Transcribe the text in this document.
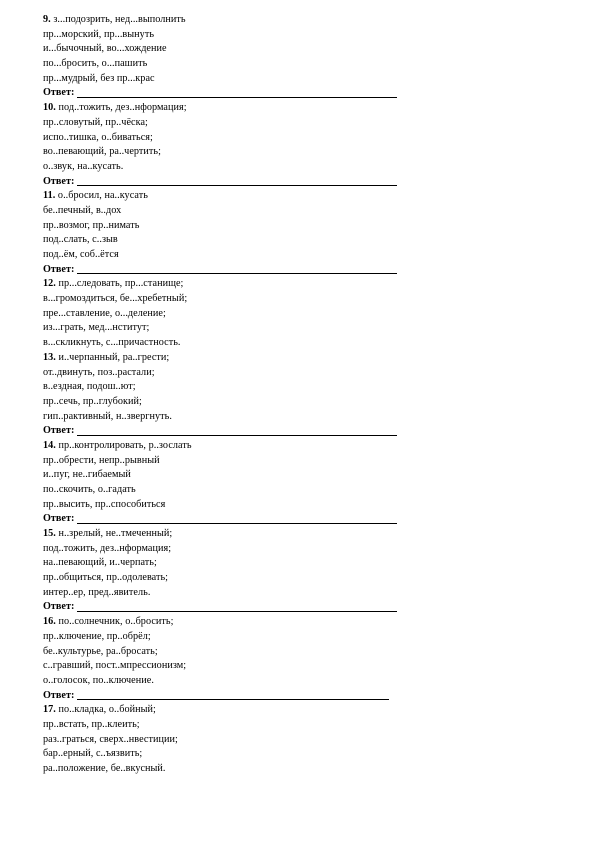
9. з...подозрить, нед...выполнить
пр...морский, пр...вынуть
и...бычочный, во...хождение
по...бросить, о...пашить
пр...мудрый, без пр...крас
Ответ:
10. под..тожить, дез..нформация;
пр..словутый, пр..чёска;
испо..тишка, о..биваться;
во..певающий, ра..чертить;
о..звук, на..кусать.
Ответ:
11. о..бросил, на..кусать
бе..печный, в..дох
пр..возмог, пр..нимать
под..слать, с..зыв
под..ём, соб..ётся
Ответ:
12. пр...следовать, пр...станище;
в...громоздиться, бе...хребетный;
пре...ставление, о...деление;
из...грать, мед...нститут;
в...скликнуть, с...причастность.
13. и..черпанный, ра..грести;
от..двинуть, поз..растали;
в..ездная, подош..ют;
пр..сечь, пр..глубокий;
гип..рактивный, н..звергнуть.
Ответ:
14. пр..контролировать, р..зослать
пр..обрести, непр..рывный
и..пуг, не..гибаемый
по..скочить, о..гадать
пр..высить, пр..способиться
Ответ:
15. н..зрелый, не..тмеченный;
под..тожить, дез..нформация;
на..певающий, и..черпать;
пр..общиться, пр..одолевать;
интер..ер, пред..явитель.
Ответ:
16. по..солнечник, о..бросить;
пр..ключение, пр..обрёл;
бе..культурье, ра..бросать;
с..гравший, пост..мпрессионизм;
о..голосок, по..ключение.
Ответ:
17. по..кладка, о..бойный;
пр..встать, пр..клеить;
раз..граться, сверх..нвестиции;
бар..ерный, с..ъязвить;
ра..положение, бе..вкусный.
